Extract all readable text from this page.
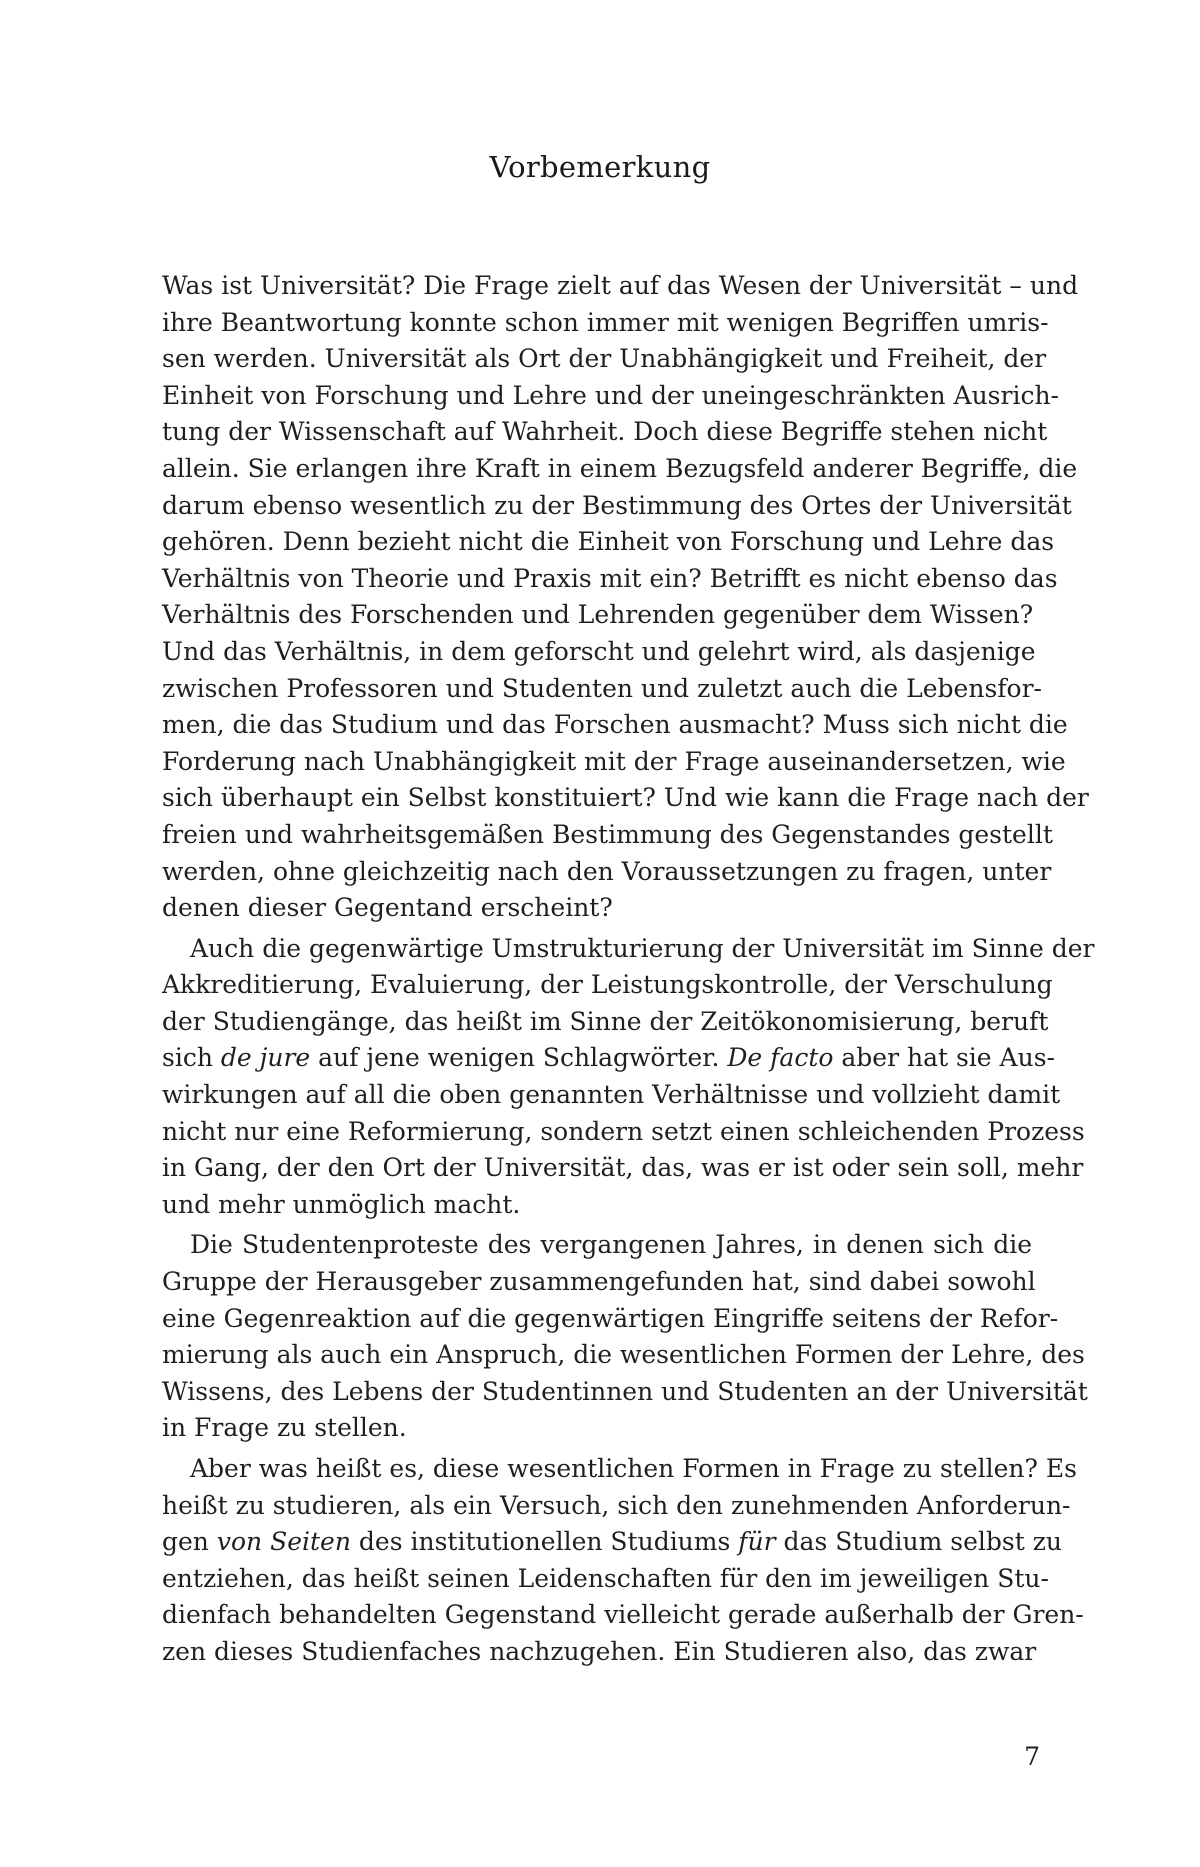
Vorbemerkung
Was ist Universität? Die Frage zielt auf das Wesen der Universität – und
ihre Beantwortung konnte schon immer mit wenigen Begriffen umris-
sen werden. Universität als Ort der Unabhängigkeit und Freiheit, der
Einheit von Forschung und Lehre und der uneingeschränkten Ausrich-
tung der Wissenschaft auf Wahrheit. Doch diese Begriffe stehen nicht
allein. Sie erlangen ihre Kraft in einem Bezugsfeld anderer Begriffe, die
darum ebenso wesentlich zu der Bestimmung des Ortes der Universität
gehören. Denn bezieht nicht die Einheit von Forschung und Lehre das
Verhältnis von Theorie und Praxis mit ein? Betrifft es nicht ebenso das
Verhältnis des Forschenden und Lehrenden gegenüber dem Wissen?
Und das Verhältnis, in dem geforscht und gelehrt wird, als dasjenige
zwischen Professoren und Studenten und zuletzt auch die Lebensfor-
men, die das Studium und das Forschen ausmacht? Muss sich nicht die
Forderung nach Unabhängigkeit mit der Frage auseinandersetzen, wie
sich überhaupt ein Selbst konstituiert? Und wie kann die Frage nach der
freien und wahrheitsgemäßen Bestimmung des Gegenstandes gestellt
werden, ohne gleichzeitig nach den Voraussetzungen zu fragen, unter
denen dieser Gegentand erscheint?
Auch die gegenwärtige Umstrukturierung der Universität im Sinne der
Akkreditierung, Evaluierung, der Leistungskontrolle, der Verschulung
der Studiengänge, das heißt im Sinne der Zeitökonomisierung, beruft
sich de jure auf jene wenigen Schlagwörter. De facto aber hat sie Aus-
wirkungen auf all die oben genannten Verhältnisse und vollzieht damit
nicht nur eine Reformierung, sondern setzt einen schleichenden Prozess
in Gang, der den Ort der Universität, das, was er ist oder sein soll, mehr
und mehr unmöglich macht.
Die Studentenproteste des vergangenen Jahres, in denen sich die
Gruppe der Herausgeber zusammengefunden hat, sind dabei sowohl
eine Gegenreaktion auf die gegenwärtigen Eingriffe seitens der Refor-
mierung als auch ein Anspruch, die wesentlichen Formen der Lehre, des
Wissens, des Lebens der Studentinnen und Studenten an der Universität
in Frage zu stellen.
Aber was heißt es, diese wesentlichen Formen in Frage zu stellen? Es
heißt zu studieren, als ein Versuch, sich den zunehmenden Anforderun-
gen von Seiten des institutionellen Studiums für das Studium selbst zu
entziehen, das heißt seinen Leidenschaften für den im jeweiligen Stu-
dienfach behandelten Gegenstand vielleicht gerade außerhalb der Gren-
zen dieses Studienfaches nachzugehen. Ein Studieren also, das zwar
7
